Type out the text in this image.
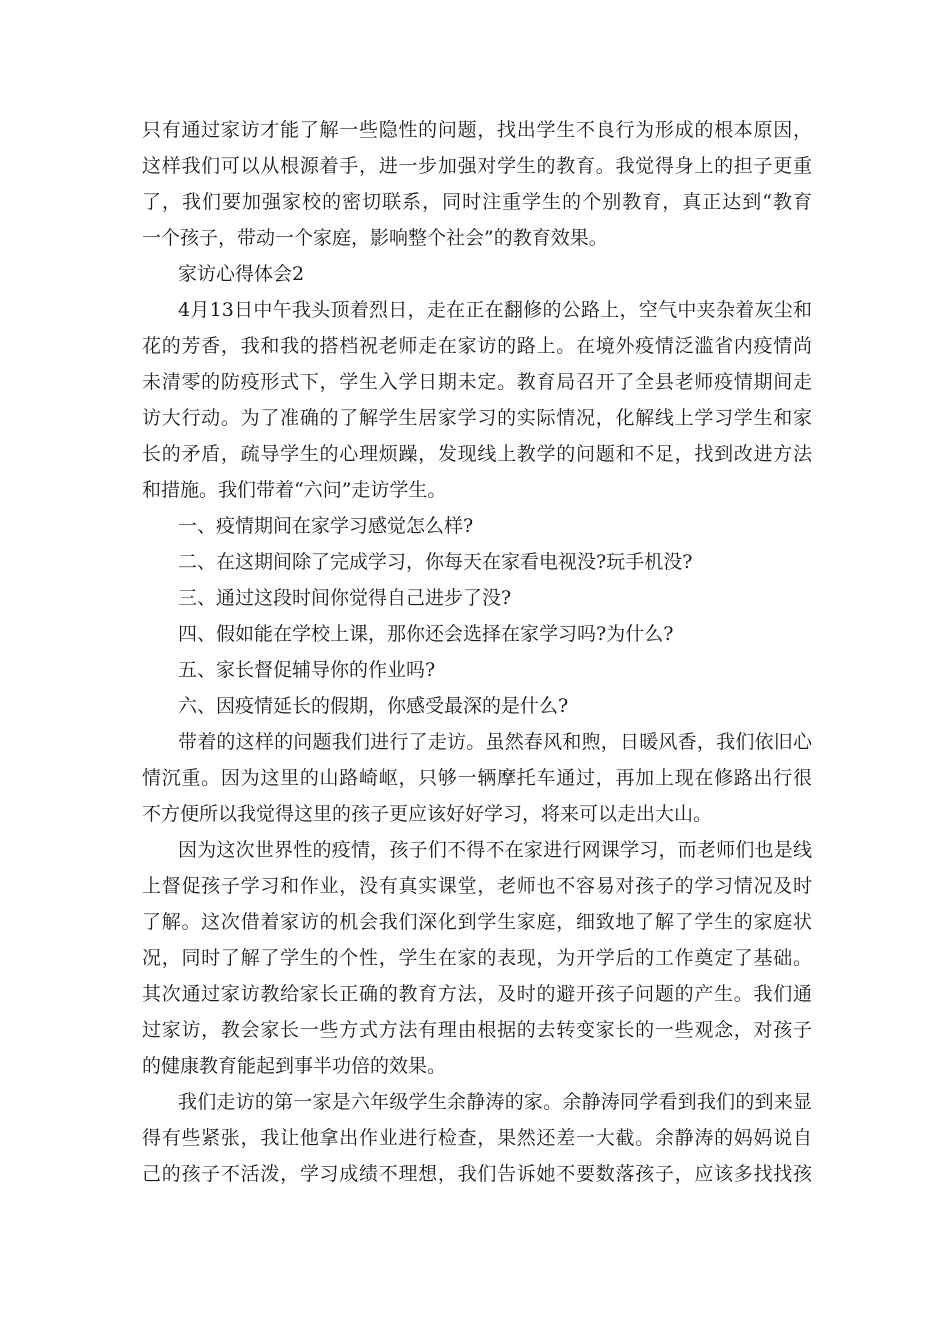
只有通过家访才能了解一些隐性的问题，找出学生不良行为形成的根本原因，
这样我们可以从根源着手，进一步加强对学生的教育。我觉得身上的担子更重
了，我们要加强家校的密切联系，同时注重学生的个别教育，真正达到“教育
一个孩子，带动一个家庭，影响整个社会”的教育效果。
家访心得体会2
4月13日中午我头顶着烈日，走在正在翻修的公路上，空气中夹杂着灰尘和
花的芳香，我和我的搭档祝老师走在家访的路上。在境外疫情泛滥省内疫情尚
未清零的防疫形式下，学生入学日期未定。教育局召开了全县老师疫情期间走
访大行动。为了准确的了解学生居家学习的实际情况，化解线上学习学生和家
长的矛盾，疏导学生的心理烦躁，发现线上教学的问题和不足，找到改进方法
和措施。我们带着“六问”走访学生。
一、疫情期间在家学习感觉怎么样?
二、在这期间除了完成学习，你每天在家看电视没?玩手机没?
三、通过这段时间你觉得自己进步了没?
四、假如能在学校上课，那你还会选择在家学习吗?为什么?
五、家长督促辅导你的作业吗?
六、因疫情延长的假期，你感受最深的是什么?
带着的这样的问题我们进行了走访。虽然春风和煦，日暖风香，我们依旧心
情沉重。因为这里的山路崎岖，只够一辆摩托车通过，再加上现在修路出行很
不方便所以我觉得这里的孩子更应该好好学习，将来可以走出大山。
因为这次世界性的疫情，孩子们不得不在家进行网课学习，而老师们也是线
上督促孩子学习和作业，没有真实课堂，老师也不容易对孩子的学习情况及时
了解。这次借着家访的机会我们深化到学生家庭，细致地了解了学生的家庭状
况，同时了解了学生的个性，学生在家的表现，为开学后的工作奠定了基础。
其次通过家访教给家长正确的教育方法，及时的避开孩子问题的产生。我们通
过家访，教会家长一些方式方法有理由根据的去转变家长的一些观念，对孩子
的健康教育能起到事半功倍的效果。
我们走访的第一家是六年级学生余静涛的家。余静涛同学看到我们的到来显
得有些紧张，我让他拿出作业进行检查，果然还差一大截。余静涛的妈妈说自
己的孩子不活泼，学习成绩不理想，我们告诉她不要数落孩子，应该多找找孩
